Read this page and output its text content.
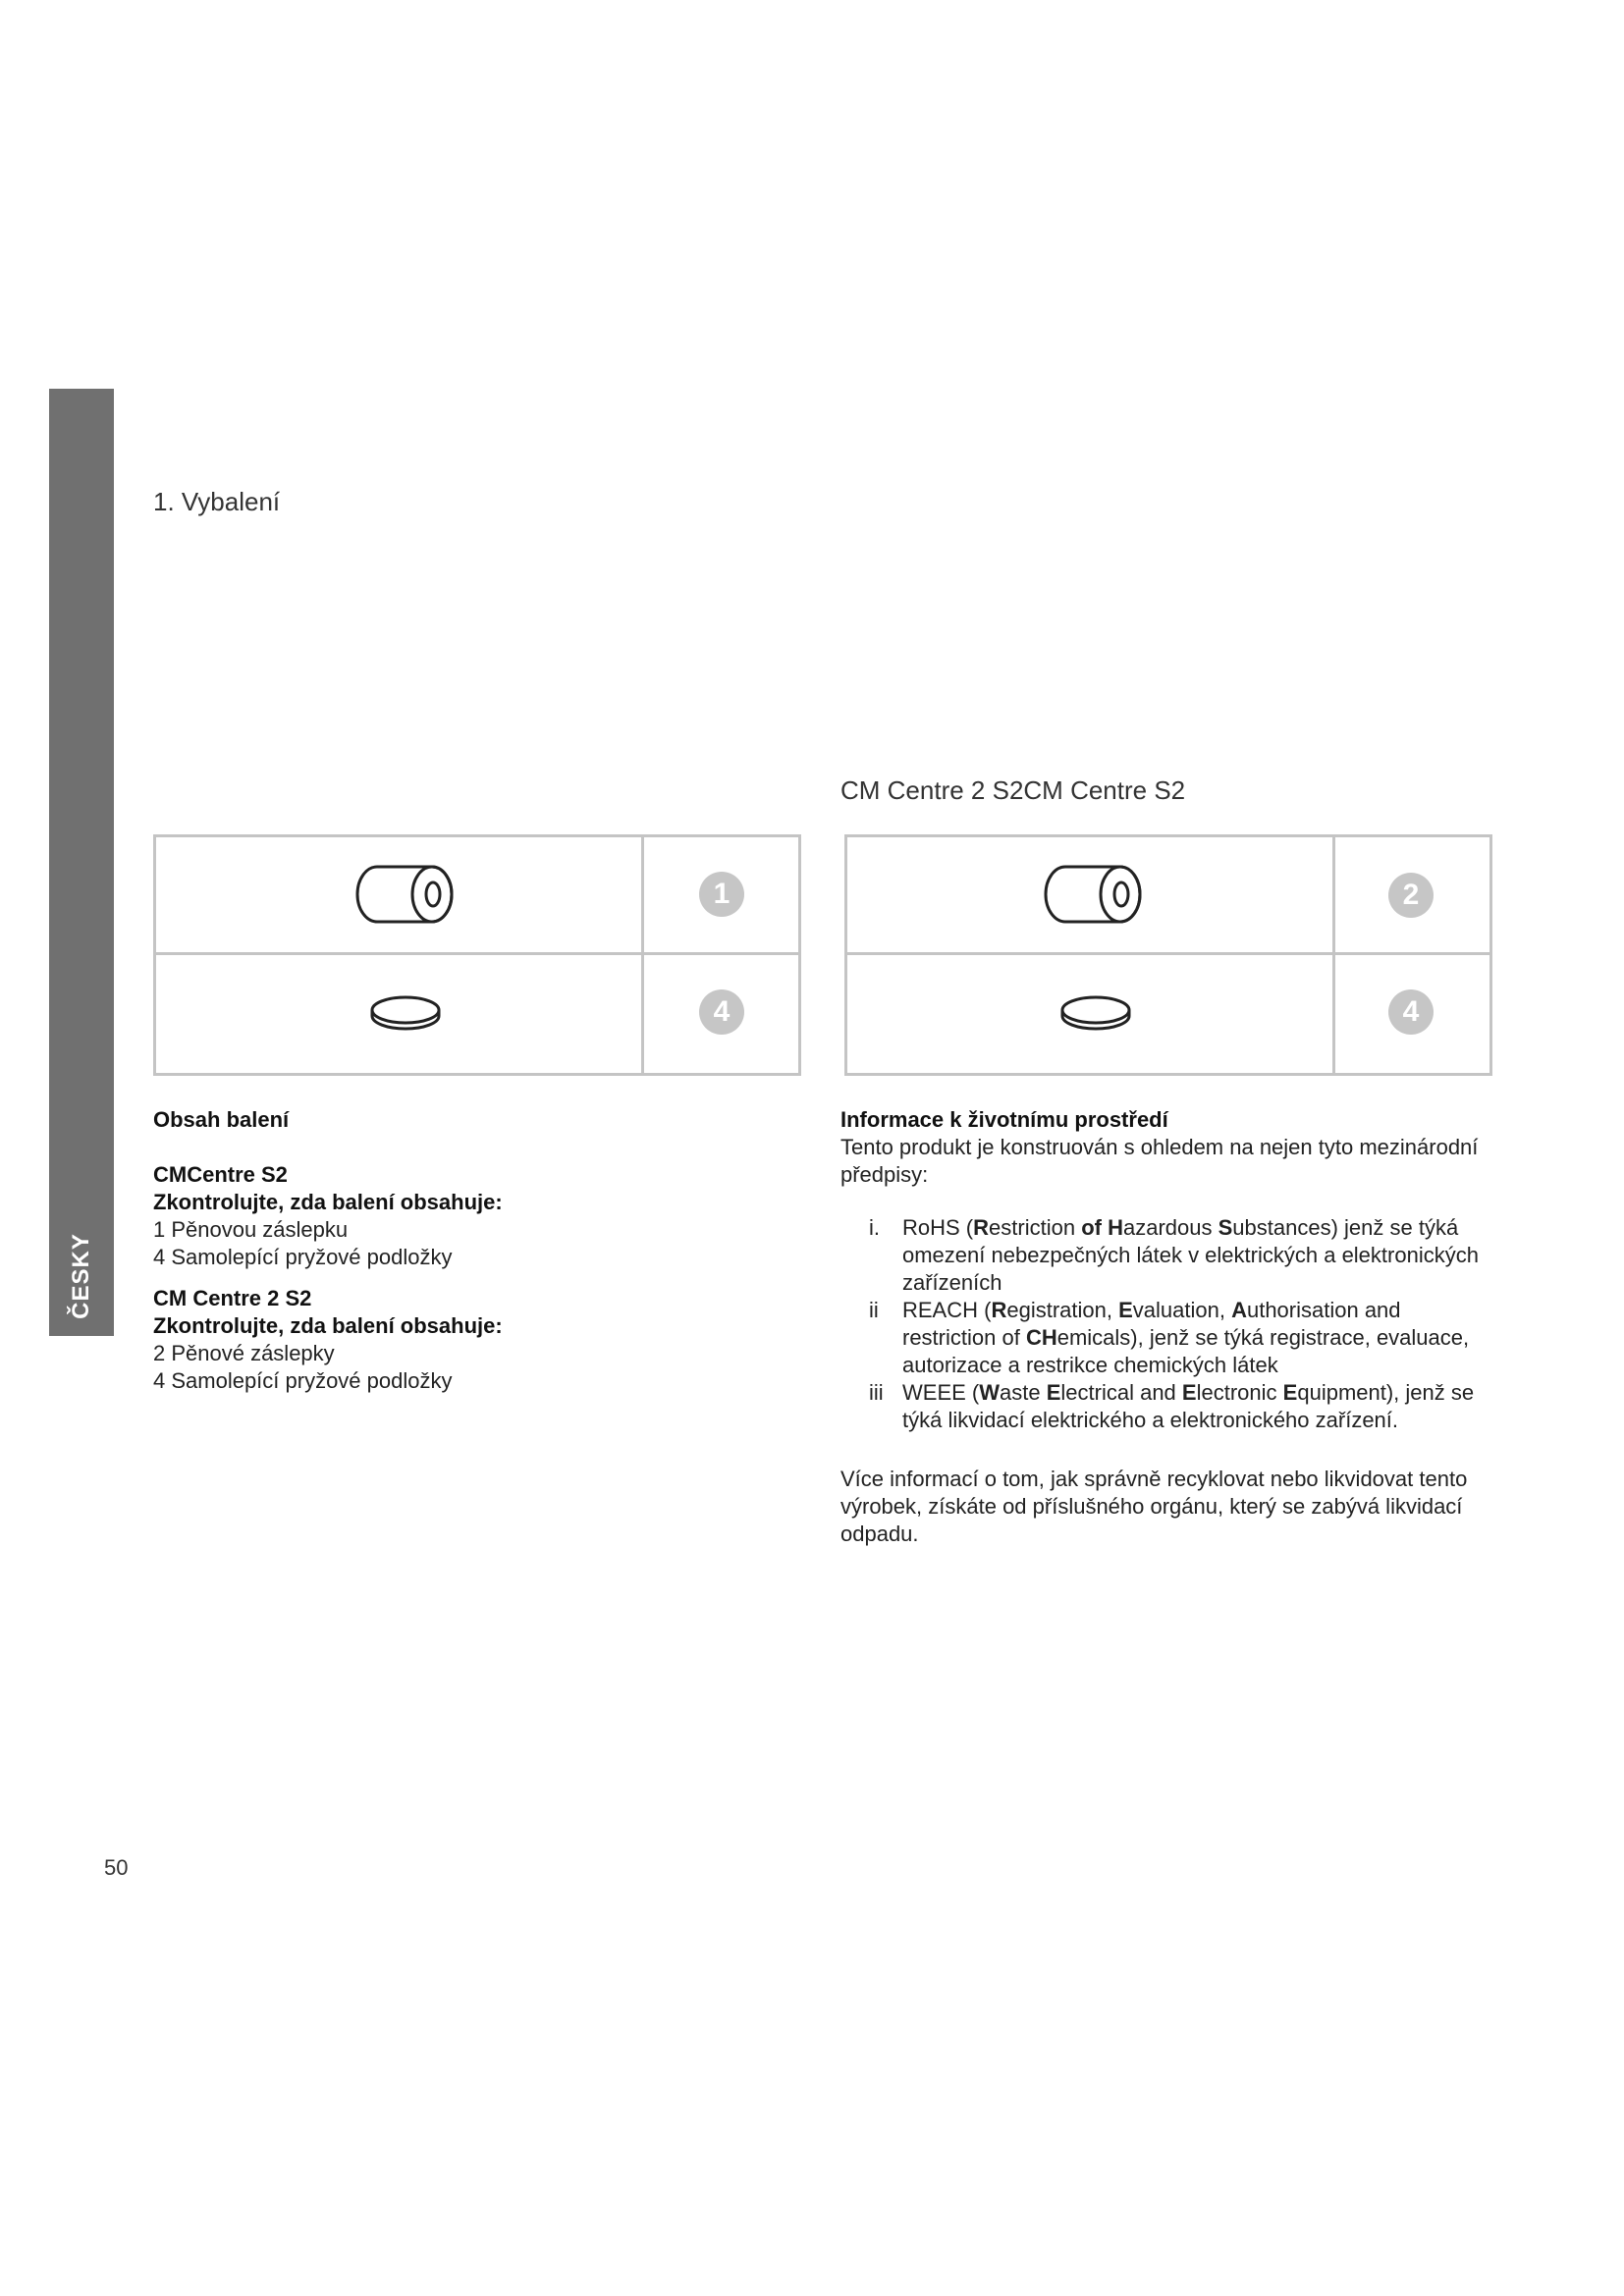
ČESKY
1. Vybalení
CM Centre 2 S2CM Centre S2
1
4
2
4

Obsah balení

CMCentre S2

Zkontrolujte, zda balení obsahuje:

1 Pěnovou záslepku

4 Samolepící pryžové podložky

CM Centre 2 S2

Zkontrolujte, zda balení obsahuje:

2 Pěnové záslepky

4 Samolepící pryžové podložky

Informace k životnímu prostředí

Tento produkt je konstruován s ohledem na nejen tyto mezinárodní předpisy:

i. RoHS (Restriction of Hazardous Substances) jenž se týká omezení nebezpečných látek v elektrických a elektronických zařízeních
ii REACH (Registration, Evaluation, Authorisation and restriction of CHemicals), jenž se týká registrace, evaluace, autorizace a restrikce chemických látek
iii WEEE (Waste Electrical and Electronic Equipment), jenž se týká likvidací elektrického a elektronického zařízení.

Více informací o tom, jak správně recyklovat nebo likvidovat tento výrobek, získáte od příslušného orgánu, který se zabývá likvidací odpadu.

50
